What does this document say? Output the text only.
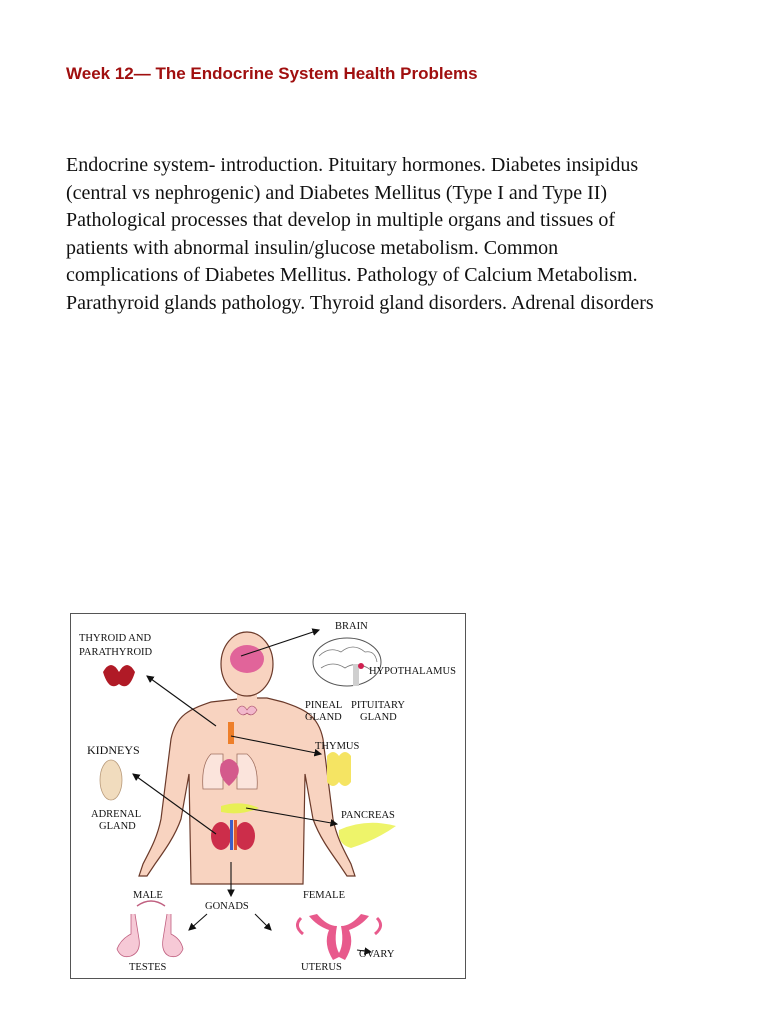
Week 12— The Endocrine System Health Problems

Endocrine system- introduction. Pituitary hormones. Diabetes insipidus
(central vs nephrogenic) and Diabetes Mellitus (Type I and Type II)
Pathological processes that develop in multiple organs and tissues of
patients with abnormal insulin/glucose metabolism. Common
complications of Diabetes Mellitus. Pathology of Calcium Metabolism.
Parathyroid glands pathology. Thyroid gland disorders. Adrenal disorders

THYROID AND
PARATHYROID
BRAIN
HYPOTHALAMUS
PINEAL
GLAND
PITUITARY
GLAND
KIDNEYS	THYMUS
ADRENAL
GLAND
PANCREAS
MALE	FEMALE
GONADS
TESTES	UTERUS
OVARY
